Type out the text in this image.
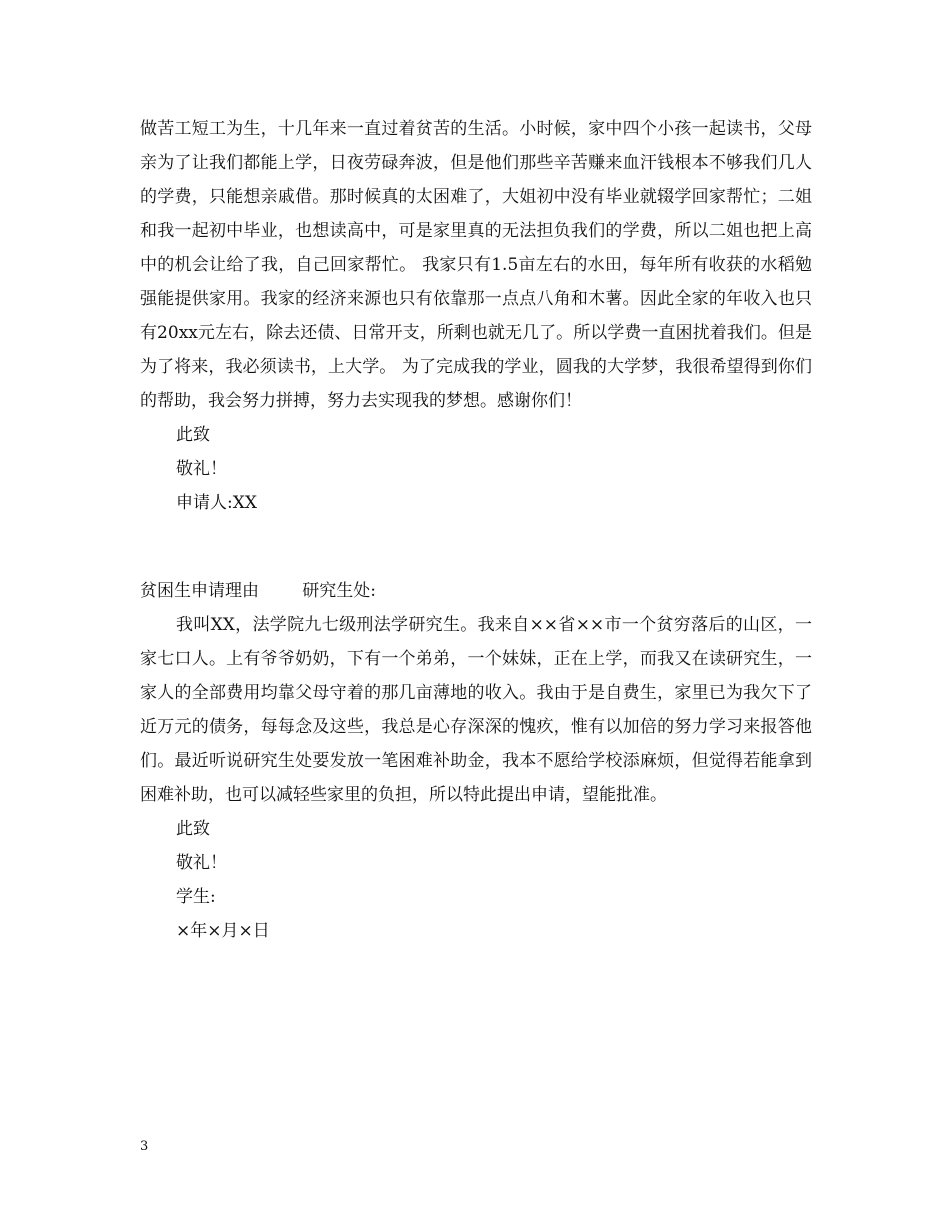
做苦工短工为生，十几年来一直过着贫苦的生活。小时候，家中四个小孩一起读书，父母亲为了让我们都能上学，日夜劳碌奔波，但是他们那些辛苦赚来血汗钱根本不够我们几人的学费，只能想亲戚借。那时候真的太困难了，大姐初中没有毕业就辍学回家帮忙；二姐和我一起初中毕业，也想读高中，可是家里真的无法担负我们的学费，所以二姐也把上高中的机会让给了我，自己回家帮忙。 我家只有1.5亩左右的水田，每年所有收获的水稻勉强能提供家用。我家的经济来源也只有依靠那一点点八角和木薯。因此全家的年收入也只有20xx元左右，除去还债、日常开支，所剩也就无几了。所以学费一直困扰着我们。但是为了将来，我必须读书，上大学。 为了完成我的学业，圆我的大学梦，我很希望得到你们的帮助，我会努力拼搏，努力去实现我的梦想。感谢你们！

此致

敬礼！

申请人:XX

贫困生申请理由        研究生处:

我叫XX，法学院九七级刑法学研究生。我来自××省××市一个贫穷落后的山区，一家七口人。上有爷爷奶奶，下有一个弟弟，一个妹妹，正在上学，而我又在读研究生，一家人的全部费用均靠父母守着的那几亩薄地的收入。我由于是自费生，家里已为我欠下了近万元的债务，每每念及这些，我总是心存深深的愧疚，惟有以加倍的努力学习来报答他们。最近听说研究生处要发放一笔困难补助金，我本不愿给学校添麻烦，但觉得若能拿到困难补助，也可以减轻些家里的负担，所以特此提出申请，望能批准。

此致

敬礼！

学生:

×年×月×日

3
